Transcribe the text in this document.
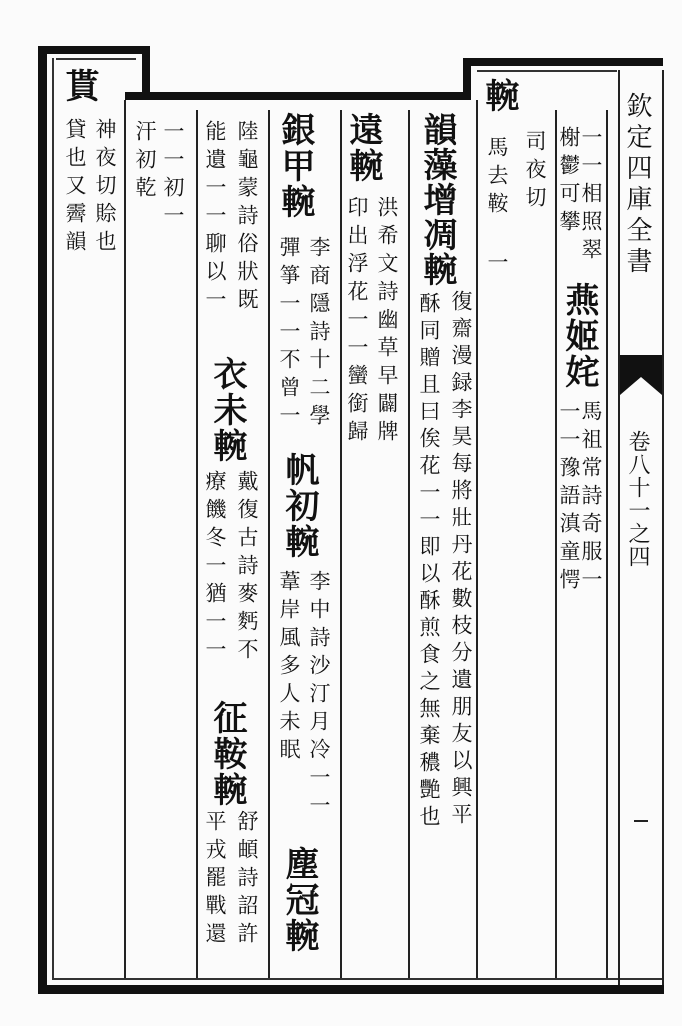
欽定四庫全書
卷八十一之四
䡝
司夜切
馬去鞍 一	一一相照翠
燕姬姹
馬祖常詩奇服一
榭鬱可攀
一一豫語滇童愕
韻藻增凋䡝
復齋漫録李昊每將壯丹花數枝分遺朋友以興平
酥同贈且曰俟花一一即以酥煎食之無棄穠艷也
遠䡝
洪希文詩幽草早闢牌
印出浮花一一蠻銜歸
銀甲䡝
李商隱詩十二學
帆初䡝
李中詩沙汀月冷一一
塵冠䡝
彈箏一一不曾一
葦岸風多人未眠
陸龜蒙詩俗狀既
衣未䡝
戴復古詩麥麫不
征鞍䡝
舒頔詩詔許
能遺一一聊以一
療饑冬一猶一一
平戎罷戰還
一一初一
汗初乾
貰
神夜切賒也
貸也又霽韻
